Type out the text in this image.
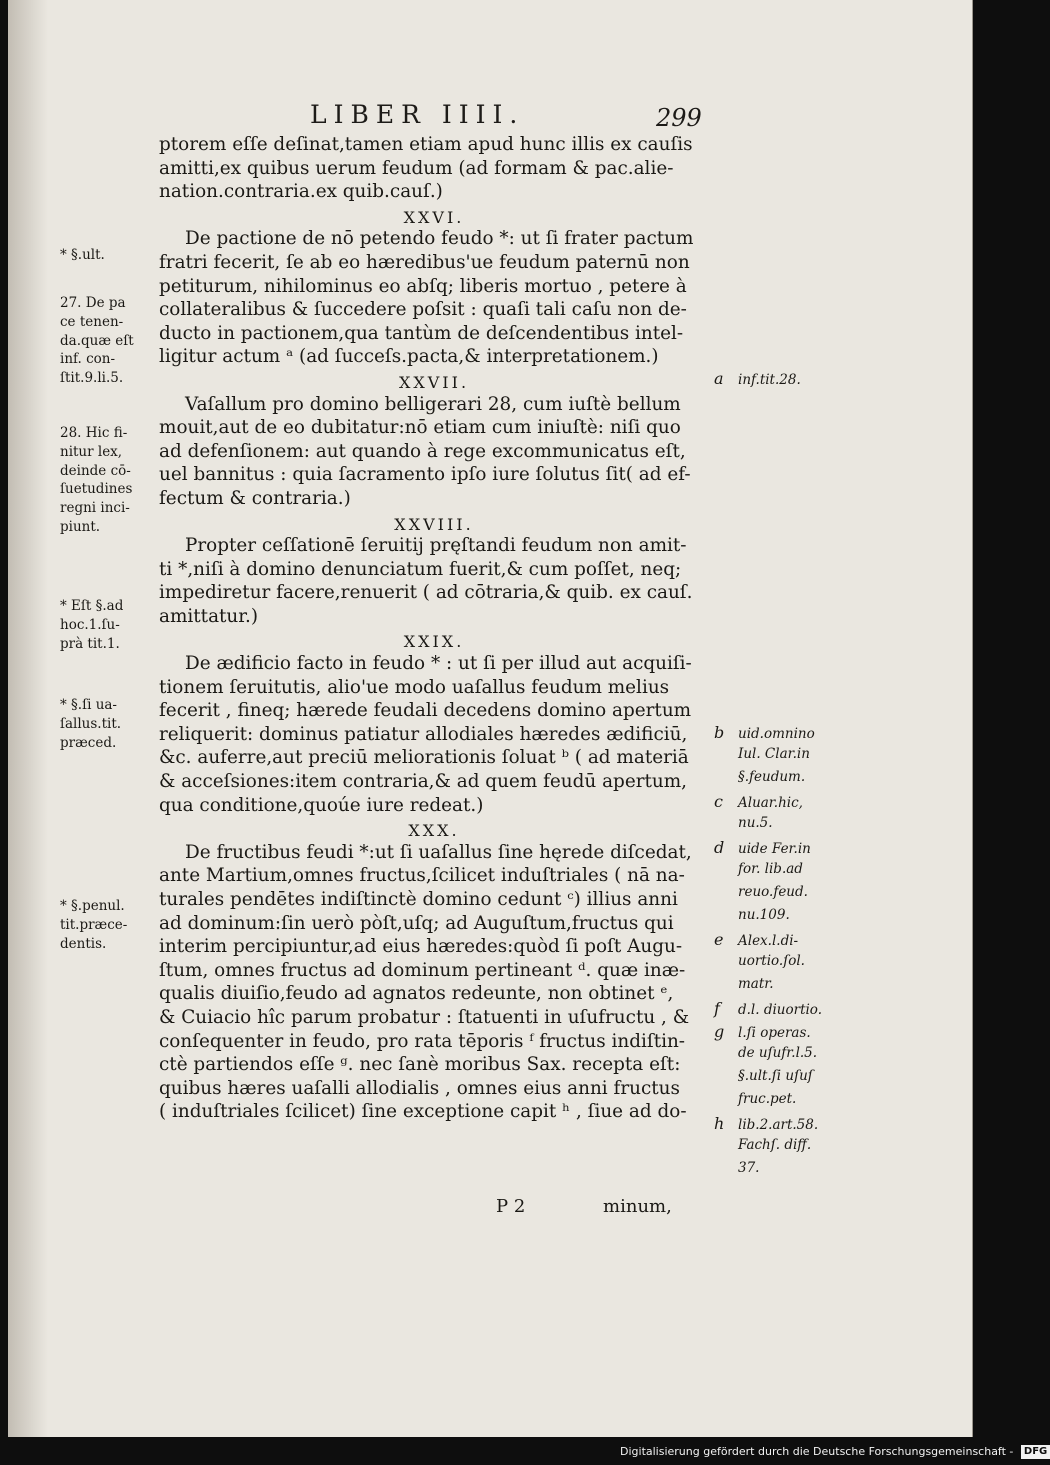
LIBER IIII.	299
ptorem eſſe deſinat,tamen etiam apud hunc illis ex cauſis
amitti,ex quibus uerum feudum (ad formam & pac.alie-
nation.contraria.ex quib.cauſ.)
XXVI.
De pactione de nō petendo feudo *: ut ſi frater pactum
fratri fecerit, ſe ab eo hæredibus'ue feudum paternū non
petiturum, nihilominus eo abſq; liberis mortuo , petere à
collateralibus & ſuccedere poſsit : quaſi tali caſu non de-
ducto in pactionem,qua tantùm de deſcendentibus intel-
ligitur actum ᵃ (ad ſucceſs.pacta,& interpretationem.)
XXVII.
Vaſallum pro domino belligerari 28, cum iuſtè bellum
mouit,aut de eo dubitatur:nō etiam cum iniuſtè: niſi quo
ad defenſionem: aut quando à rege excommunicatus eſt,
uel bannitus : quia ſacramento ipſo iure ſolutus ſit( ad ef-
fectum & contraria.)
XXVIII.
Propter ceſſationē ſeruitij pręſtandi feudum non amit-
ti *,niſi à domino denunciatum fuerit,& cum poſſet, neq;
impediretur facere,renuerit ( ad cōtraria,& quib. ex cauſ.
amittatur.)
XXIX.
De ædificio facto in feudo * : ut ſi per illud aut acquiſi-
tionem ſeruitutis, alio'ue modo uaſallus feudum melius
fecerit , fineq; hærede feudali decedens domino apertum
reliquerit: dominus patiatur allodiales hæredes ædificiū,
&c. auferre,aut preciū meliorationis ſoluat ᵇ ( ad materiā
& acceſsiones:item contraria,& ad quem feudū apertum,
qua conditione,quoúe iure redeat.)
XXX.
De fructibus feudi *:ut ſi uaſallus ſine hęrede diſcedat,
ante Martium,omnes fructus,ſcilicet induſtriales ( nā na-
turales pendētes indiſtinctè domino cedunt ᶜ) illius anni
ad dominum:ſin uerò pòſt,uſq; ad Auguſtum,fructus qui
interim percipiuntur,ad eius hæredes:quòd ſi poſt Augu-
ſtum, omnes fructus ad dominum pertineant ᵈ. quæ inæ-
qualis diuiſio,feudo ad agnatos redeunte, non obtinet ᵉ,
& Cuiacio hîc parum probatur : ſtatuenti in uſufructu , &
conſequenter in feudo, pro rata tēporis ᶠ fructus indiſtin-
ctè partiendos eſſe ᵍ. nec ſanè moribus Sax. recepta eſt:
quibus hæres uaſalli allodialis , omnes eius anni fructus
( induſtriales ſcilicet) ſine exceptione capit ʰ , ſiue ad do-
* §.ult.
27. De pa
ce tenen-
da.quæ eſt
inf. con-
ſtit.9.li.5.
28. Hic fi-
nitur lex,
deinde cō-
ſuetudines
regni inci-
piunt.
* Eſt §.ad
hoc.1.ſu-
prà tit.1.
* §.ſi ua-
ſallus.tit.
præced.
* §.penul.
tit.præce-
dentis.
a inf.tit.28.
b uid.omnino
Iul. Clar.in
§.feudum.
c Aluar.hic,
nu.5.
d uide Fer.in
for. lib.ad
reuo.feud.
nu.109.
e Alex.l.di-
uortio.ſol.
matr.
f d.l. diuortio.
g l.ſi operas.
de uſufr.l.5.
§.ult.ſi uſuſ
fruc.pet.
h lib.2.art.58.
Fachſ. diff.
37.
P 2	minum,
Digitalisierung gefördert durch die Deutsche Forschungsgemeinschaft - DFG
